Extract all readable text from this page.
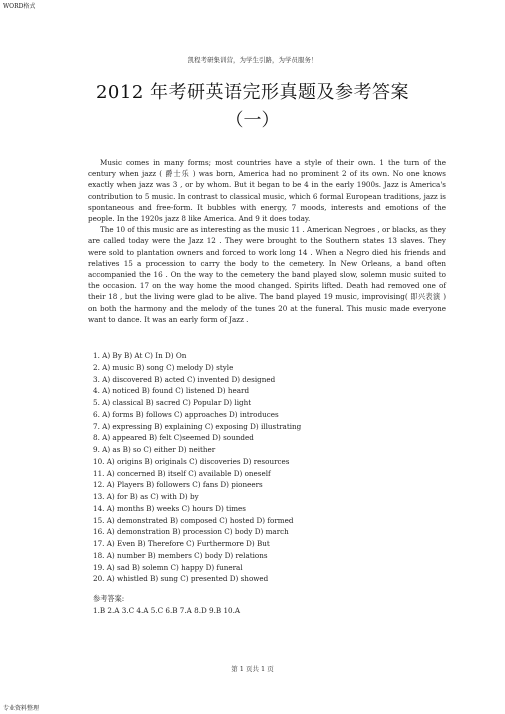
WORD格式
凯程考研集训营，为学生引路，为学员服务！
2012 年考研英语完形真题及参考答案
（一）

Music comes in many forms; most countries have a style of their own. 1 the turn of the century when jazz ( 爵士乐 ) was born, America had no prominent 2 of its own. No one knows exactly when jazz was 3 , or by whom. But it began to be 4 in the early 1900s. Jazz is America's contribution to 5 music. In contrast to classical music, which 6 formal European traditions, jazz is spontaneous and free-form. It bubbles with energy, 7 moods, interests and emotions of the people. In the 1920s jazz 8 like America. And 9 it does today.

The 10 of this music are as interesting as the music 11 . American Negroes , or blacks, as they are called today were the Jazz 12 . They were brought to the Southern states 13 slaves. They were sold to plantation owners and forced to work long 14 . When a Negro died his friends and relatives 15 a procession to carry the body to the cemetery. In New Orleans, a band often accompanied the 16 . On the way to the cemetery the band played slow, solemn music suited to the occasion. 17 on the way home the mood changed. Spirits lifted. Death had removed one of their 18 , but the living were glad to be alive. The band played 19 music, improvising( 即兴表演 ) on both the harmony and the melody of the tunes 20 at the funeral. This music made everyone want to dance. It was an early form of Jazz .

1. A) By B) At C) In D) On
2. A) music B) song C) melody D) style
3. A) discovered B) acted C) invented D) designed
4. A) noticed B) found C) listened D) heard
5. A) classical B) sacred C) Popular D) light
6. A) forms B) follows C) approaches D) introduces
7. A) expressing B) explaining C) exposing D) illustrating
8. A) appeared B) felt C)seemed D) sounded
9. A) as B) so C) either D) neither
10. A) origins B) originals C) discoveries D) resources
11. A) concerned B) itself C) available D) oneself
12. A) Players B) followers C) fans D) pioneers
13. A) for B) as C) with D) by
14. A) months B) weeks C) hours D) times
15. A) demonstrated B) composed C) hosted D) formed
16. A) demonstration B) procession C) body D) march
17. A) Even B) Therefore C) Furthermore D) But
18. A) number B) members C) body D) relations
19. A) sad B) solemn C) happy D) funeral
20. A) whistled B) sung C) presented D) showed
参考答案:
1.B 2.A 3.C 4.A 5.C 6.B 7.A 8.D 9.B 10.A
第 1 页共 1 页
专业资料整理
